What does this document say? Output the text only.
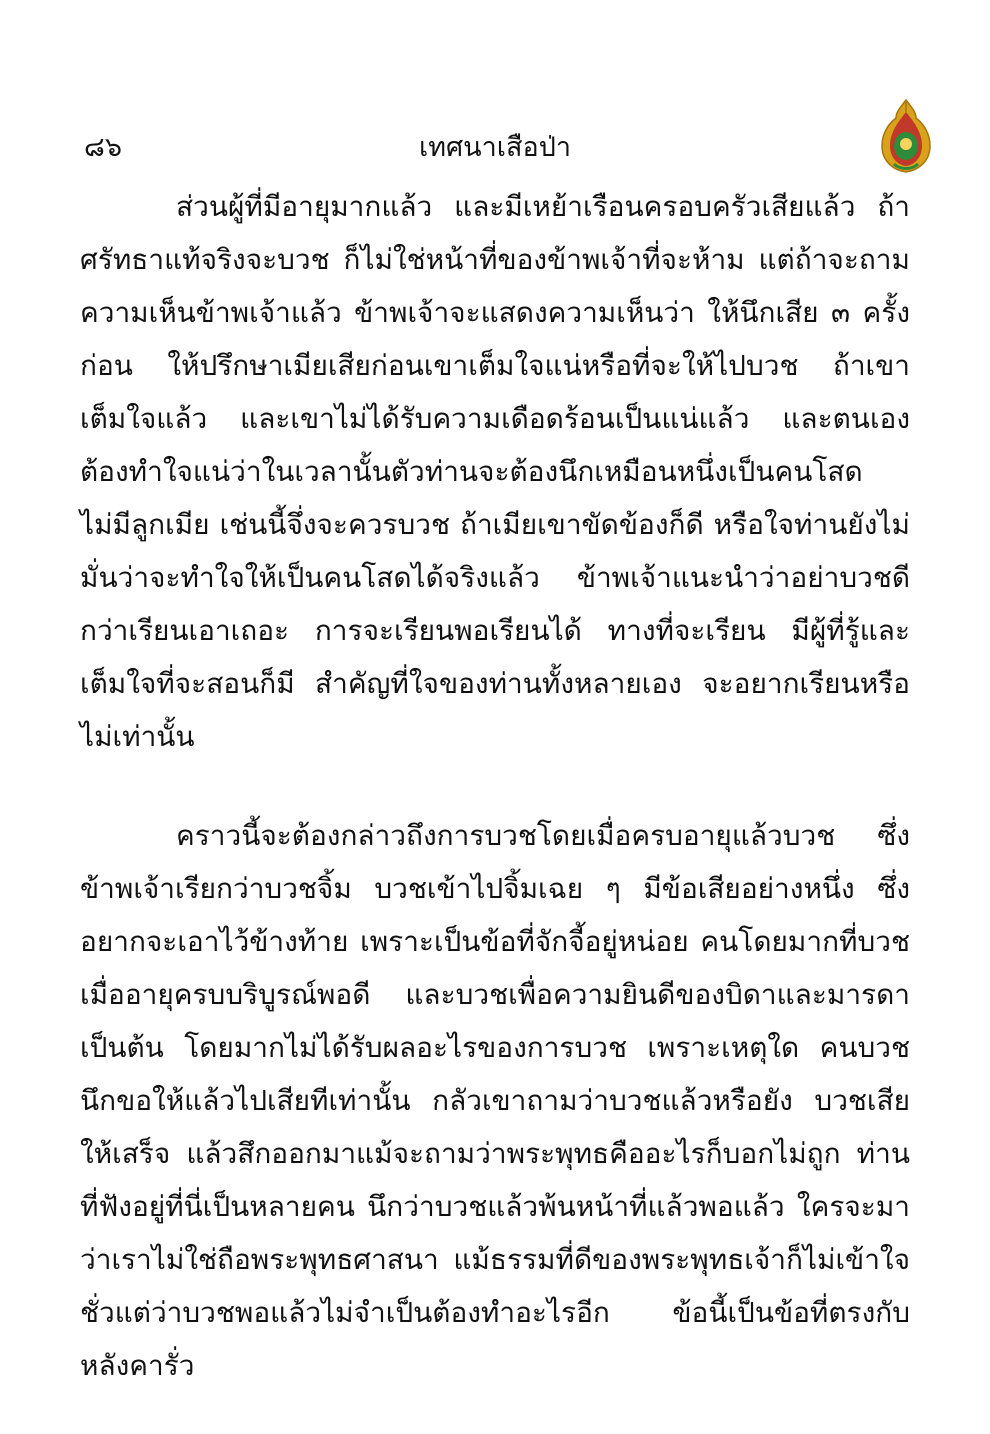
๘๖	เทศนาเสือป่า

ส่วนผู้ที่มีอายุมากแล้ว และมีเหย้าเรือนครอบครัวเสียแล้ว ถ้าศรัทธาแท้จริงจะบวช ก็ไม่ใช่หน้าที่ของข้าพเจ้าที่จะห้าม แต่ถ้าจะถามความเห็นข้าพเจ้าแล้ว ข้าพเจ้าจะแสดงความเห็นว่า ให้นึกเสีย ๓ ครั้งก่อน ให้ปรึกษาเมียเสียก่อนเขาเต็มใจแน่หรือที่จะให้ไปบวช ถ้าเขาเต็มใจแล้ว และเขาไม่ได้รับความเดือดร้อนเป็นแน่แล้ว และตนเองต้องทำใจแน่ว่าในเวลานั้นตัวท่านจะต้องนึกเหมือนหนึ่งเป็นคนโสดไม่มีลูกเมีย เช่นนี้จึ่งจะควรบวช ถ้าเมียเขาขัดข้องก็ดี หรือใจท่านยังไม่มั่นว่าจะทำใจให้เป็นคนโสดได้จริงแล้ว ข้าพเจ้าแนะนำว่าอย่าบวชดีกว่าเรียนเอาเถอะ การจะเรียนพอเรียนได้ ทางที่จะเรียน มีผู้ที่รู้และเต็มใจที่จะสอนก็มี สำคัญที่ใจของท่านทั้งหลายเอง จะอยากเรียนหรือไม่เท่านั้น

คราวนี้จะต้องกล่าวถึงการบวชโดยเมื่อครบอายุแล้วบวช ซึ่งข้าพเจ้าเรียกว่าบวชจิ้ม บวชเข้าไปจิ้มเฉย ๆ มีข้อเสียอย่างหนึ่ง ซึ่งอยากจะเอาไว้ข้างท้าย เพราะเป็นข้อที่จักจี้อยู่หน่อย คนโดยมากที่บวชเมื่ออายุครบบริบูรณ์พอดี และบวชเพื่อความยินดีของบิดาและมารดาเป็นต้น โดยมากไม่ได้รับผลอะไรของการบวช เพราะเหตุใด คนบวชนึกขอให้แล้วไปเสียทีเท่านั้น กลัวเขาถามว่าบวชแล้วหรือยัง บวชเสียให้เสร็จ แล้วสึกออกมาแม้จะถามว่าพระพุทธคืออะไรก็บอกไม่ถูก ท่านที่ฟังอยู่ที่นี่เป็นหลายคน นึกว่าบวชแล้วพ้นหน้าที่แล้วพอแล้ว ใครจะมาว่าเราไม่ใช่ถือพระพุทธศาสนา แม้ธรรมที่ดีของพระพุทธเจ้าก็ไม่เข้าใจ ชั่วแต่ว่าบวชพอแล้วไม่จำเป็นต้องทำอะไรอีก ข้อนี้เป็นข้อที่ตรงกับหลังคารั่ว
